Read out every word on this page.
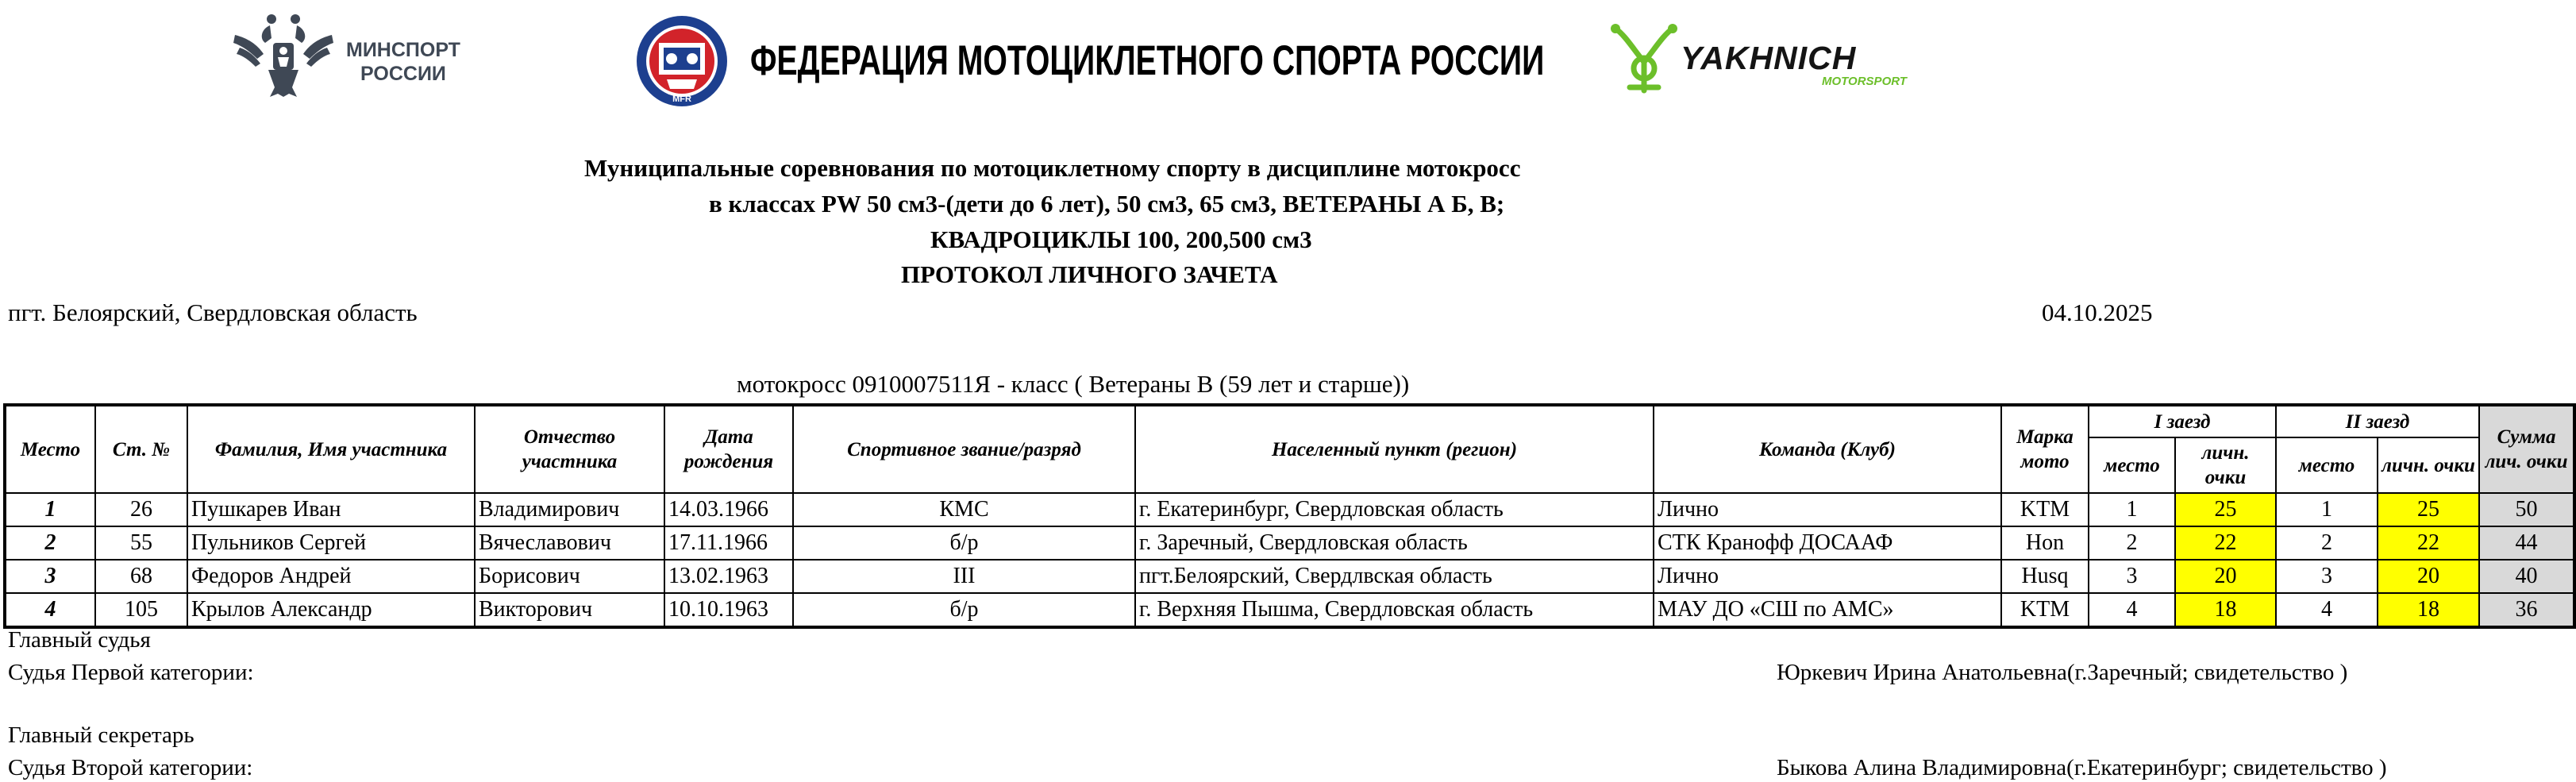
МИНСПОРТ
РОССИИ
MFR
ФЕДЕРАЦИЯ МОТОЦИКЛЕТНОГО СПОРТА РОССИИ	YAKHNICH
MOTORSPORT
Муниципальные соревнования по мотоциклетному спорту в дисциплине мотокросс
в классах PW 50 см3-(дети до 6 лет), 50 см3, 65 см3, ВЕТЕРАНЫ А Б, В;
КВАДРОЦИКЛЫ 100, 200,500 см3
ПРОТОКОЛ ЛИЧНОГО ЗАЧЕТА
пгт. Белоярский, Свердловская область	04.10.2025
мотокросс 0910007511Я - класс ( Ветераны В (59 лет и старше))
Место	Ст. №	Фамилия, Имя участника	Отчество участника	Дата рождения	Спортивное звание/разряд	Населенный пункт (регион)	Команда (Клуб)	Марка мото	I заезд		II заезд		Сумма лич. очки
									место	личн. очки	место	личн. очки	
1	26	Пушкарев Иван	Владимирович	14.03.1966	КМС	г. Екатеринбург, Свердловская область	Лично	KTM	1	25	1	25	50
2	55	Пульников Сергей	Вячеславович	17.11.1966	б/р	г. Заречный, Свердловская область	СТК Кранофф ДОСААФ	Hon	2	22	2	22	44
3	68	Федоров Андрей	Борисович	13.02.1963	III	пгт.Белоярский, Свердлвская область	Лично	Husq	3	20	3	20	40
4	105	Крылов Александр	Викторович	10.10.1963	б/р	г. Верхняя Пышма, Свердловская область	МАУ ДО «СШ по АМС»	KTM	4	18	4	18	36
Главный судья
Судья Первой категории:	Юркевич Ирина Анатольевна(г.Заречный; свидетельство )
Главный секретарь
Судья Второй категории:	Быкова Алина Владимировна(г.Екатеринбург; свидетельство )
